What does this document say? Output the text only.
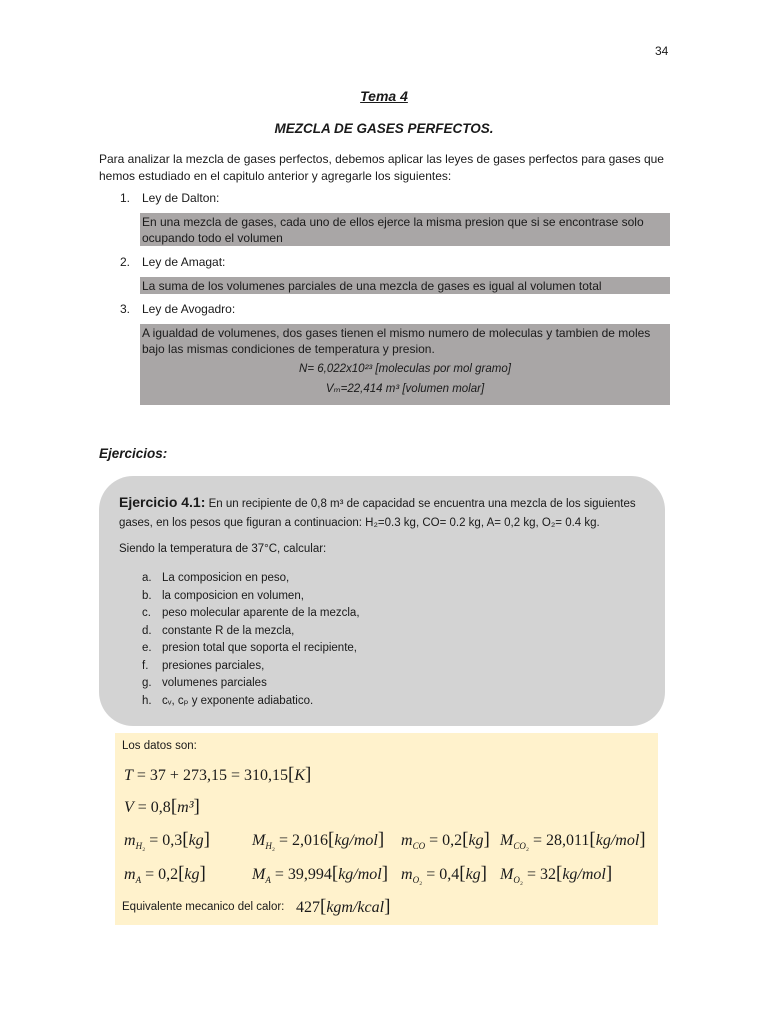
34
Tema 4
MEZCLA DE GASES PERFECTOS.
Para analizar la mezcla de gases perfectos, debemos aplicar las leyes de gases perfectos para gases que hemos estudiado en el capitulo anterior y agregarle los siguientes:
1. Ley de Dalton:
En una mezcla de gases, cada uno de ellos ejerce la misma presion que si se encontrase solo ocupando todo el volumen
2. Ley de Amagat:
La suma de los volumenes parciales de una mezcla de gases es igual al volumen total
3. Ley de Avogadro:
A igualdad de volumenes, dos gases tienen el mismo numero de moleculas y tambien de moles bajo las mismas condiciones de temperatura y presion.
N= 6,022x10²³ [moleculas por mol gramo]
Vₘ=22,414 m³ [volumen molar]
Ejercicios:
Ejercicio 4.1: En un recipiente de 0,8 m³ de capacidad se encuentra una mezcla de los siguientes gases, en los pesos que figuran a continuacion: H₂=0.3 kg, CO= 0.2 kg, A= 0,2 kg, O₂= 0.4 kg.
Siendo la temperatura de 37°C, calcular:
a. La composicion en peso,
b. la composicion en volumen,
c. peso molecular aparente de la mezcla,
d. constante R de la mezcla,
e. presion total que soporta el recipiente,
f. presiones parciales,
g. volumenes parciales
h. cᵥ, cₚ y exponente adiabatico.
Los datos son:
T = 37 + 273,15 = 310,15[K]
V = 0,8[m³]
$m_{H_2} = 0,3[kg]$	$M_{H_2} = 2,016[kg/mol] m_{CO} = 0,2[kg] M_{CO_2} = 28,011[kg/mol]$
$m_A = 0,2[kg]$	$M_A = 39,994[kg/mol] m_{O_2} = 0,4[kg] M_{O_2} = 32[kg/mol]$
Equivalente mecanico del calor: 427[kgm/kcal]
